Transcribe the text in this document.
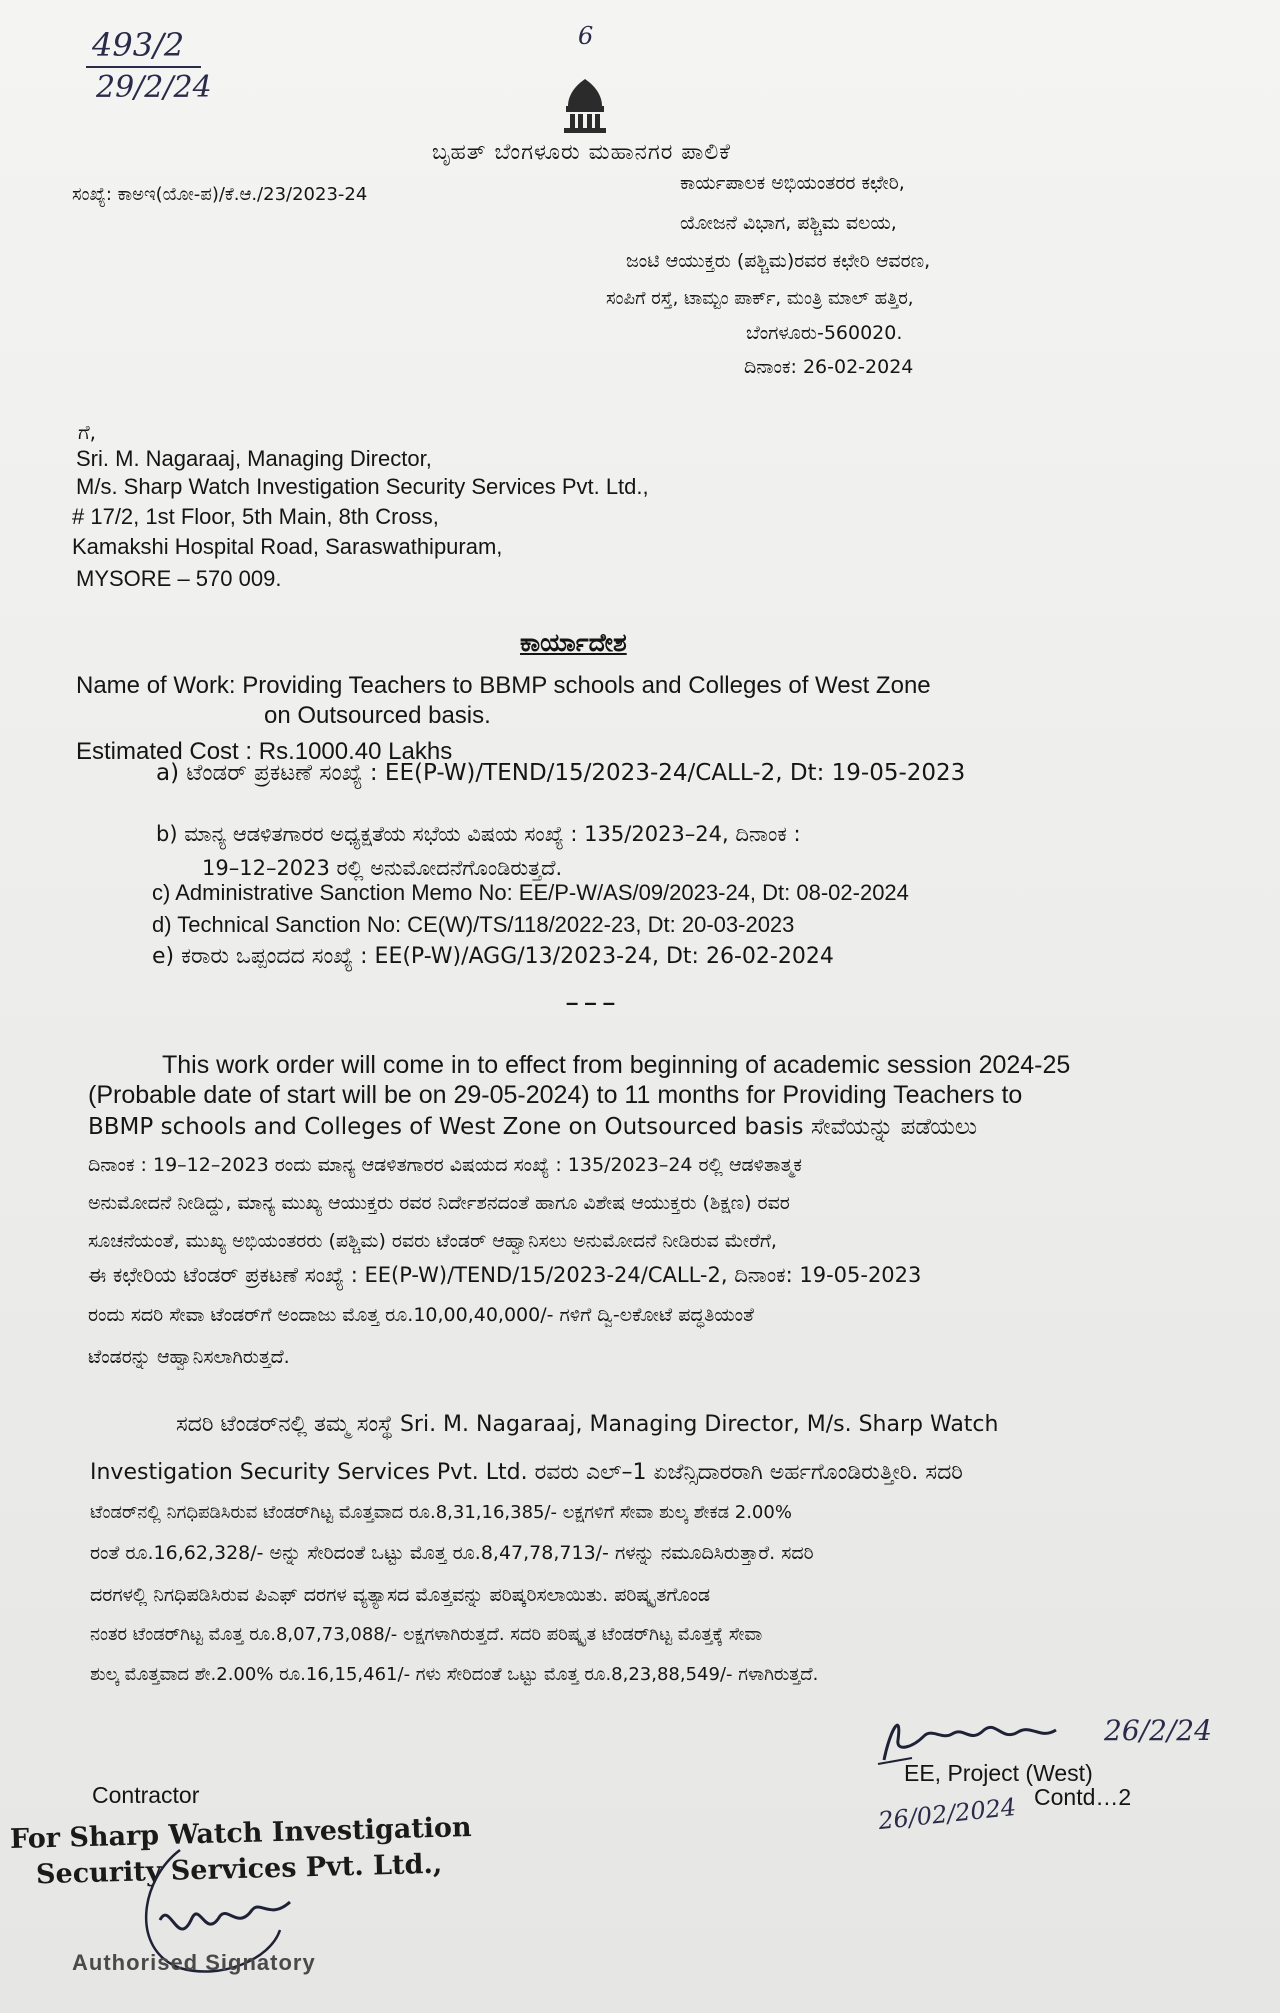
493/2
29/2/24
6
ಬೃಹತ್ ಬೆಂಗಳೂರು ಮಹಾನಗರ ಪಾಲಿಕೆ
ಸಂಖ್ಯೆ: ಕಾಅಇ(ಯೋ-ಪ)/ಕೆ.ಆ./23/2023-24
ಕಾರ್ಯಪಾಲಕ ಅಭಿಯಂತರರ ಕಛೇರಿ,
ಯೋಜನೆ ವಿಭಾಗ, ಪಶ್ಚಿಮ ವಲಯ,
ಜಂಟಿ ಆಯುಕ್ತರು (ಪಶ್ಚಿಮ)ರವರ ಕಛೇರಿ ಆವರಣ,
ಸಂಪಿಗೆ ರಸ್ತೆ, ಟಾಮ್ಟಂ ಪಾರ್ಕ್, ಮಂತ್ರಿ ಮಾಲ್ ಹತ್ತಿರ,
ಬೆಂಗಳೂರು-560020.
ದಿನಾಂಕ: 26-02-2024
ಗೆ,
Sri. M. Nagaraaj, Managing Director,
M/s. Sharp Watch Investigation Security Services Pvt. Ltd.,
# 17/2, 1st Floor, 5th Main, 8th Cross,
Kamakshi Hospital Road, Saraswathipuram,
MYSORE – 570 009.
ಕಾರ್ಯಾದೇಶ
Name of Work: Providing Teachers to BBMP schools and Colleges of West Zone
on Outsourced basis.
Estimated Cost : Rs.1000.40 Lakhs
a) ಟೆಂಡರ್ ಪ್ರಕಟಣೆ ಸಂಖ್ಯೆ : EE(P-W)/TEND/15/2023-24/CALL-2, Dt: 19-05-2023
b) ಮಾನ್ಯ ಆಡಳಿತಗಾರರ ಅಧ್ಯಕ್ಷತೆಯ ಸಭೆಯ ವಿಷಯ ಸಂಖ್ಯೆ : 135/2023–24, ದಿನಾಂಕ :
19–12–2023 ರಲ್ಲಿ ಅನುಮೋದನೆಗೊಂಡಿರುತ್ತದೆ.
c) Administrative Sanction Memo No: EE/P-W/AS/09/2023-24, Dt: 08-02-2024
d) Technical Sanction No: CE(W)/TS/118/2022-23, Dt: 20-03-2023
e) ಕರಾರು ಒಪ್ಪಂದದ ಸಂಖ್ಯೆ : EE(P-W)/AGG/13/2023-24, Dt: 26-02-2024
– – –
This work order will come in to effect from beginning of academic session 2024-25
(Probable date of start will be on 29-05-2024) to 11 months for Providing Teachers to
BBMP schools and Colleges of West Zone on Outsourced basis ಸೇವೆಯನ್ನು ಪಡೆಯಲು
ದಿನಾಂಕ : 19–12–2023 ರಂದು ಮಾನ್ಯ ಆಡಳಿತಗಾರರ ವಿಷಯದ ಸಂಖ್ಯೆ : 135/2023–24 ರಲ್ಲಿ ಆಡಳಿತಾತ್ಮಕ
ಅನುಮೋದನೆ ನೀಡಿದ್ದು, ಮಾನ್ಯ ಮುಖ್ಯ ಆಯುಕ್ತರು ರವರ ನಿರ್ದೇಶನದಂತೆ ಹಾಗೂ ವಿಶೇಷ ಆಯುಕ್ತರು (ಶಿಕ್ಷಣ) ರವರ
ಸೂಚನೆಯಂತೆ, ಮುಖ್ಯ ಅಭಿಯಂತರರು (ಪಶ್ಚಿಮ) ರವರು ಟೆಂಡರ್ ಆಹ್ವಾನಿಸಲು ಅನುಮೋದನೆ ನೀಡಿರುವ ಮೇರೆಗೆ,
ಈ ಕಛೇರಿಯ ಟೆಂಡರ್ ಪ್ರಕಟಣೆ ಸಂಖ್ಯೆ : EE(P-W)/TEND/15/2023-24/CALL-2, ದಿನಾಂಕ: 19-05-2023
ರಂದು ಸದರಿ ಸೇವಾ ಟೆಂಡರ್‌ಗೆ ಅಂದಾಜು ಮೊತ್ತ ರೂ.10,00,40,000/- ಗಳಿಗೆ ದ್ವಿ-ಲಕೋಟೆ ಪದ್ಧತಿಯಂತೆ
ಟೆಂಡರನ್ನು ಆಹ್ವಾನಿಸಲಾಗಿರುತ್ತದೆ.
ಸದರಿ ಟೆಂಡರ್‌ನಲ್ಲಿ ತಮ್ಮ ಸಂಸ್ಥೆ Sri. M. Nagaraaj, Managing Director, M/s. Sharp Watch
Investigation Security Services Pvt. Ltd. ರವರು ಎಲ್–1 ಏಜೆನ್ಸಿದಾರರಾಗಿ ಅರ್ಹಗೊಂಡಿರುತ್ತೀರಿ. ಸದರಿ
ಟೆಂಡರ್‌ನಲ್ಲಿ ನಿಗಧಿಪಡಿಸಿರುವ ಟೆಂಡರ್‌ಗಿಟ್ಟ ಮೊತ್ತವಾದ ರೂ.8,31,16,385/- ಲಕ್ಷಗಳಿಗೆ ಸೇವಾ ಶುಲ್ಕ ಶೇಕಡ 2.00%
ರಂತೆ ರೂ.16,62,328/- ಅನ್ನು ಸೇರಿದಂತೆ ಒಟ್ಟು ಮೊತ್ತ ರೂ.8,47,78,713/- ಗಳನ್ನು ನಮೂದಿಸಿರುತ್ತಾರೆ. ಸದರಿ
ದರಗಳಲ್ಲಿ ನಿಗಧಿಪಡಿಸಿರುವ ಪಿಎಫ್ ದರಗಳ ವ್ಯತ್ಯಾಸದ ಮೊತ್ತವನ್ನು ಪರಿಷ್ಕರಿಸಲಾಯಿತು. ಪರಿಷ್ಕೃತಗೊಂಡ
ನಂತರ ಟೆಂಡರ್‌ಗಿಟ್ಟ ಮೊತ್ತ ರೂ.8,07,73,088/- ಲಕ್ಷಗಳಾಗಿರುತ್ತದೆ. ಸದರಿ ಪರಿಷ್ಕೃತ ಟೆಂಡರ್‌ಗಿಟ್ಟ ಮೊತ್ತಕ್ಕೆ ಸೇವಾ
ಶುಲ್ಕ ಮೊತ್ತವಾದ ಶೇ.2.00% ರೂ.16,15,461/- ಗಳು ಸೇರಿದಂತೆ ಒಟ್ಟು ಮೊತ್ತ ರೂ.8,23,88,549/- ಗಳಾಗಿರುತ್ತದೆ.
26/2/24
EE, Project (West)
26/02/2024 Contd…2
Contractor
For Sharp Watch Investigation
Security Services Pvt. Ltd.,
Authorised Signatory
